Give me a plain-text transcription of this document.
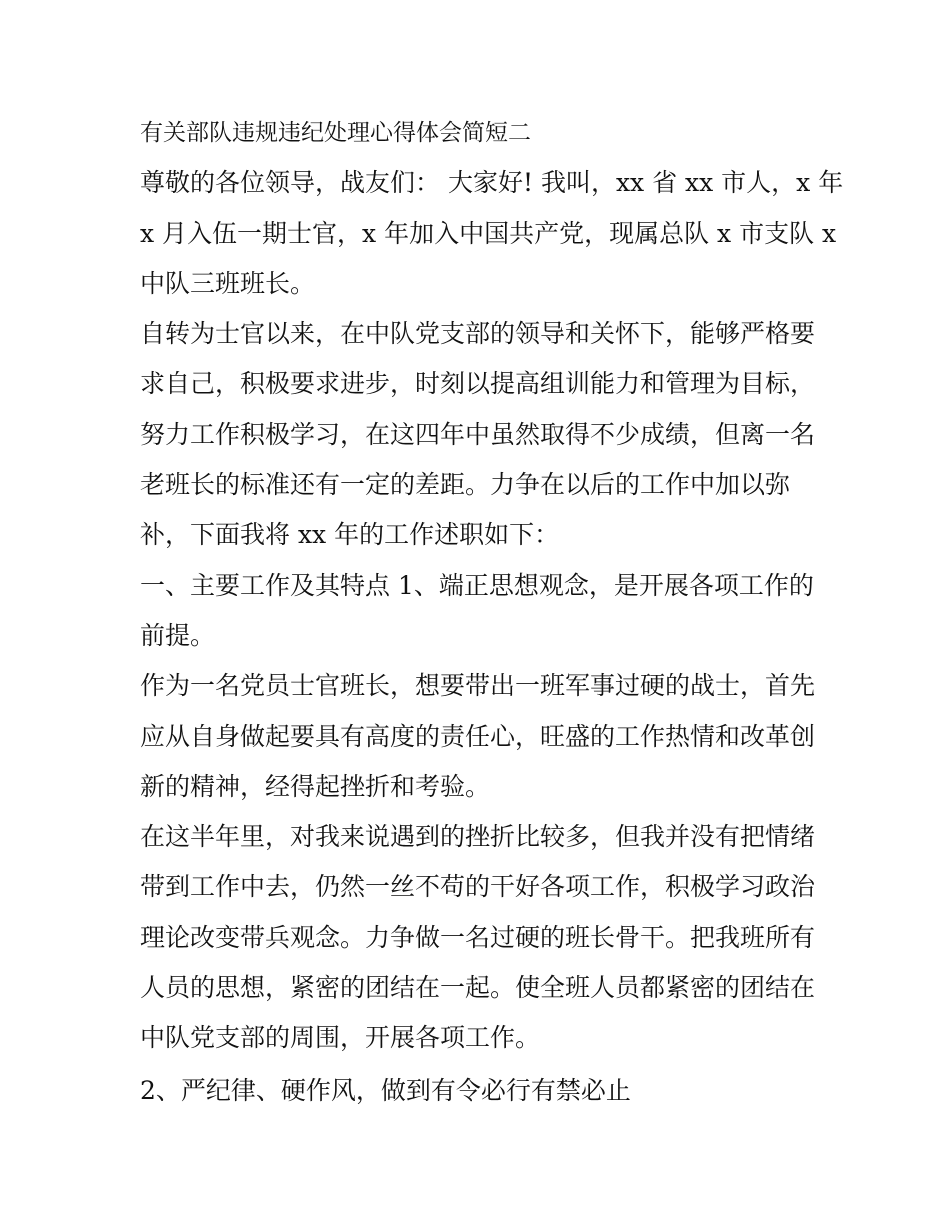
有关部队违规违纪处理心得体会简短二
尊敬的各位领导，战友们： 大家好! 我叫，xx 省 xx 市人，x 年
x 月入伍一期士官，x 年加入中国共产党，现属总队 x 市支队 x
中队三班班长。
自转为士官以来，在中队党支部的领导和关怀下，能够严格要
求自己，积极要求进步，时刻以提高组训能力和管理为目标，
努力工作积极学习，在这四年中虽然取得不少成绩，但离一名
老班长的标准还有一定的差距。力争在以后的工作中加以弥
补，下面我将 xx 年的工作述职如下：
一、主要工作及其特点 1、端正思想观念，是开展各项工作的
前提。
作为一名党员士官班长，想要带出一班军事过硬的战士，首先
应从自身做起要具有高度的责任心，旺盛的工作热情和改革创
新的精神，经得起挫折和考验。
在这半年里，对我来说遇到的挫折比较多，但我并没有把情绪
带到工作中去，仍然一丝不苟的干好各项工作，积极学习政治
理论改变带兵观念。力争做一名过硬的班长骨干。把我班所有
人员的思想，紧密的团结在一起。使全班人员都紧密的团结在
中队党支部的周围，开展各项工作。
2、严纪律、硬作风，做到有令必行有禁必止
